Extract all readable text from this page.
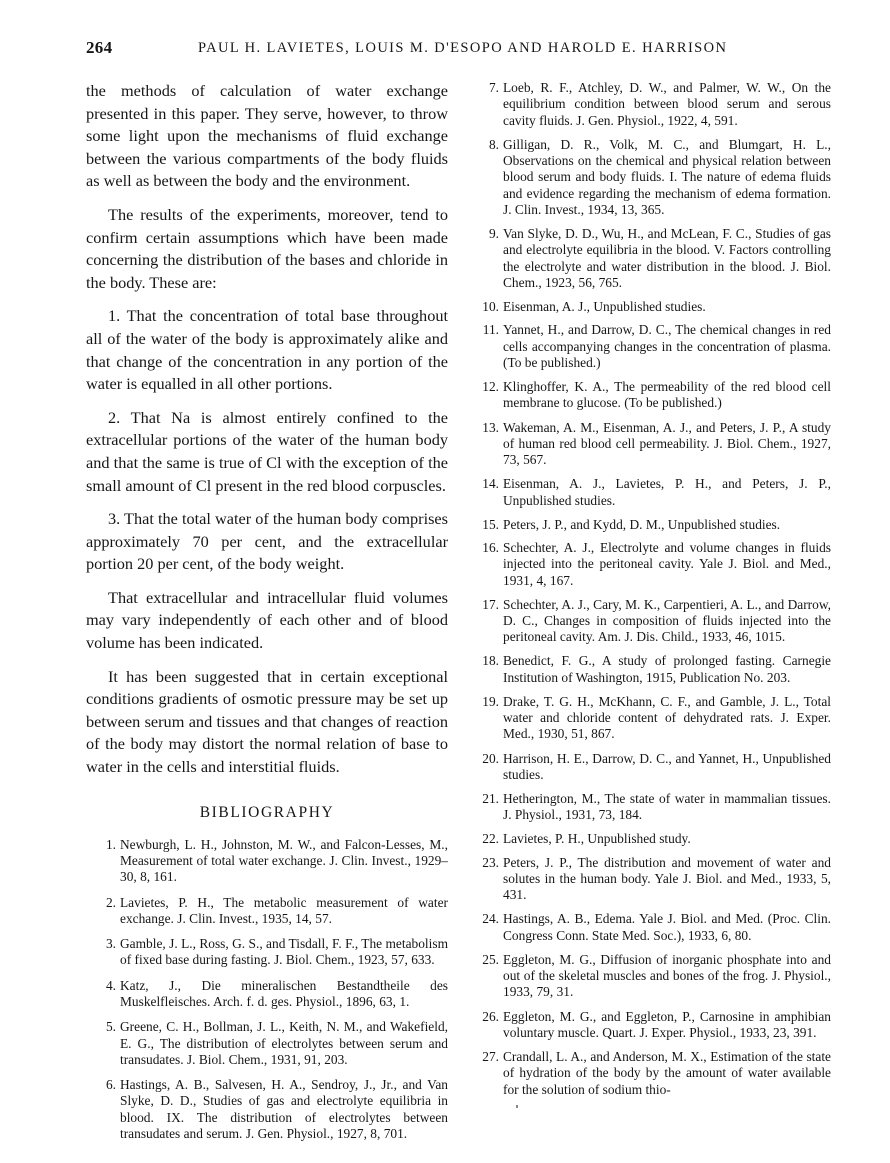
264	PAUL H. LAVIETES, LOUIS M. D'ESOPO AND HAROLD E. HARRISON

the methods of calculation of water exchange presented in this paper. They serve, however, to throw some light upon the mechanisms of fluid exchange between the various compartments of the body fluids as well as between the body and the environment.

The results of the experiments, moreover, tend to confirm certain assumptions which have been made concerning the distribution of the bases and chloride in the body. These are:

1. That the concentration of total base throughout all of the water of the body is approximately alike and that change of the concentration in any portion of the water is equalled in all other portions.

2. That Na is almost entirely confined to the extracellular portions of the water of the human body and that the same is true of Cl with the exception of the small amount of Cl present in the red blood corpuscles.

3. That the total water of the human body comprises approximately 70 per cent, and the extracellular portion 20 per cent, of the body weight.

That extracellular and intracellular fluid volumes may vary independently of each other and of blood volume has been indicated.

It has been suggested that in certain exceptional conditions gradients of osmotic pressure may be set up between serum and tissues and that changes of reaction of the body may distort the normal relation of base to water in the cells and interstitial fluids.

BIBLIOGRAPHY
1. Newburgh, L. H., Johnston, M. W., and Falcon-Lesses, M., Measurement of total water exchange. J. Clin. Invest., 1929–30, 8, 161.
2. Lavietes, P. H., The metabolic measurement of water exchange. J. Clin. Invest., 1935, 14, 57.
3. Gamble, J. L., Ross, G. S., and Tisdall, F. F., The metabolism of fixed base during fasting. J. Biol. Chem., 1923, 57, 633.
4. Katz, J., Die mineralischen Bestandtheile des Muskelfleisches. Arch. f. d. ges. Physiol., 1896, 63, 1.
5. Greene, C. H., Bollman, J. L., Keith, N. M., and Wakefield, E. G., The distribution of electrolytes between serum and transudates. J. Biol. Chem., 1931, 91, 203.
6. Hastings, A. B., Salvesen, H. A., Sendroy, J., Jr., and Van Slyke, D. D., Studies of gas and electrolyte equilibria in blood. IX. The distribution of electrolytes between transudates and serum. J. Gen. Physiol., 1927, 8, 701.
7. Loeb, R. F., Atchley, D. W., and Palmer, W. W., On the equilibrium condition between blood serum and serous cavity fluids. J. Gen. Physiol., 1922, 4, 591.
8. Gilligan, D. R., Volk, M. C., and Blumgart, H. L., Observations on the chemical and physical relation between blood serum and body fluids. I. The nature of edema fluids and evidence regarding the mechanism of edema formation. J. Clin. Invest., 1934, 13, 365.
9. Van Slyke, D. D., Wu, H., and McLean, F. C., Studies of gas and electrolyte equilibria in the blood. V. Factors controlling the electrolyte and water distribution in the blood. J. Biol. Chem., 1923, 56, 765.
10. Eisenman, A. J., Unpublished studies.
11. Yannet, H., and Darrow, D. C., The chemical changes in red cells accompanying changes in the concentration of plasma. (To be published.)
12. Klinghoffer, K. A., The permeability of the red blood cell membrane to glucose. (To be published.)
13. Wakeman, A. M., Eisenman, A. J., and Peters, J. P., A study of human red blood cell permeability. J. Biol. Chem., 1927, 73, 567.
14. Eisenman, A. J., Lavietes, P. H., and Peters, J. P., Unpublished studies.
15. Peters, J. P., and Kydd, D. M., Unpublished studies.
16. Schechter, A. J., Electrolyte and volume changes in fluids injected into the peritoneal cavity. Yale J. Biol. and Med., 1931, 4, 167.
17. Schechter, A. J., Cary, M. K., Carpentieri, A. L., and Darrow, D. C., Changes in composition of fluids injected into the peritoneal cavity. Am. J. Dis. Child., 1933, 46, 1015.
18. Benedict, F. G., A study of prolonged fasting. Carnegie Institution of Washington, 1915, Publication No. 203.
19. Drake, T. G. H., McKhann, C. F., and Gamble, J. L., Total water and chloride content of dehydrated rats. J. Exper. Med., 1930, 51, 867.
20. Harrison, H. E., Darrow, D. C., and Yannet, H., Unpublished studies.
21. Hetherington, M., The state of water in mammalian tissues. J. Physiol., 1931, 73, 184.
22. Lavietes, P. H., Unpublished study.
23. Peters, J. P., The distribution and movement of water and solutes in the human body. Yale J. Biol. and Med., 1933, 5, 431.
24. Hastings, A. B., Edema. Yale J. Biol. and Med. (Proc. Clin. Congress Conn. State Med. Soc.), 1933, 6, 80.
25. Eggleton, M. G., Diffusion of inorganic phosphate into and out of the skeletal muscles and bones of the frog. J. Physiol., 1933, 79, 31.
26. Eggleton, M. G., and Eggleton, P., Carnosine in amphibian voluntary muscle. Quart. J. Exper. Physiol., 1933, 23, 391.
27. Crandall, L. A., and Anderson, M. X., Estimation of the state of hydration of the body by the amount of water available for the solution of sodium thio-
